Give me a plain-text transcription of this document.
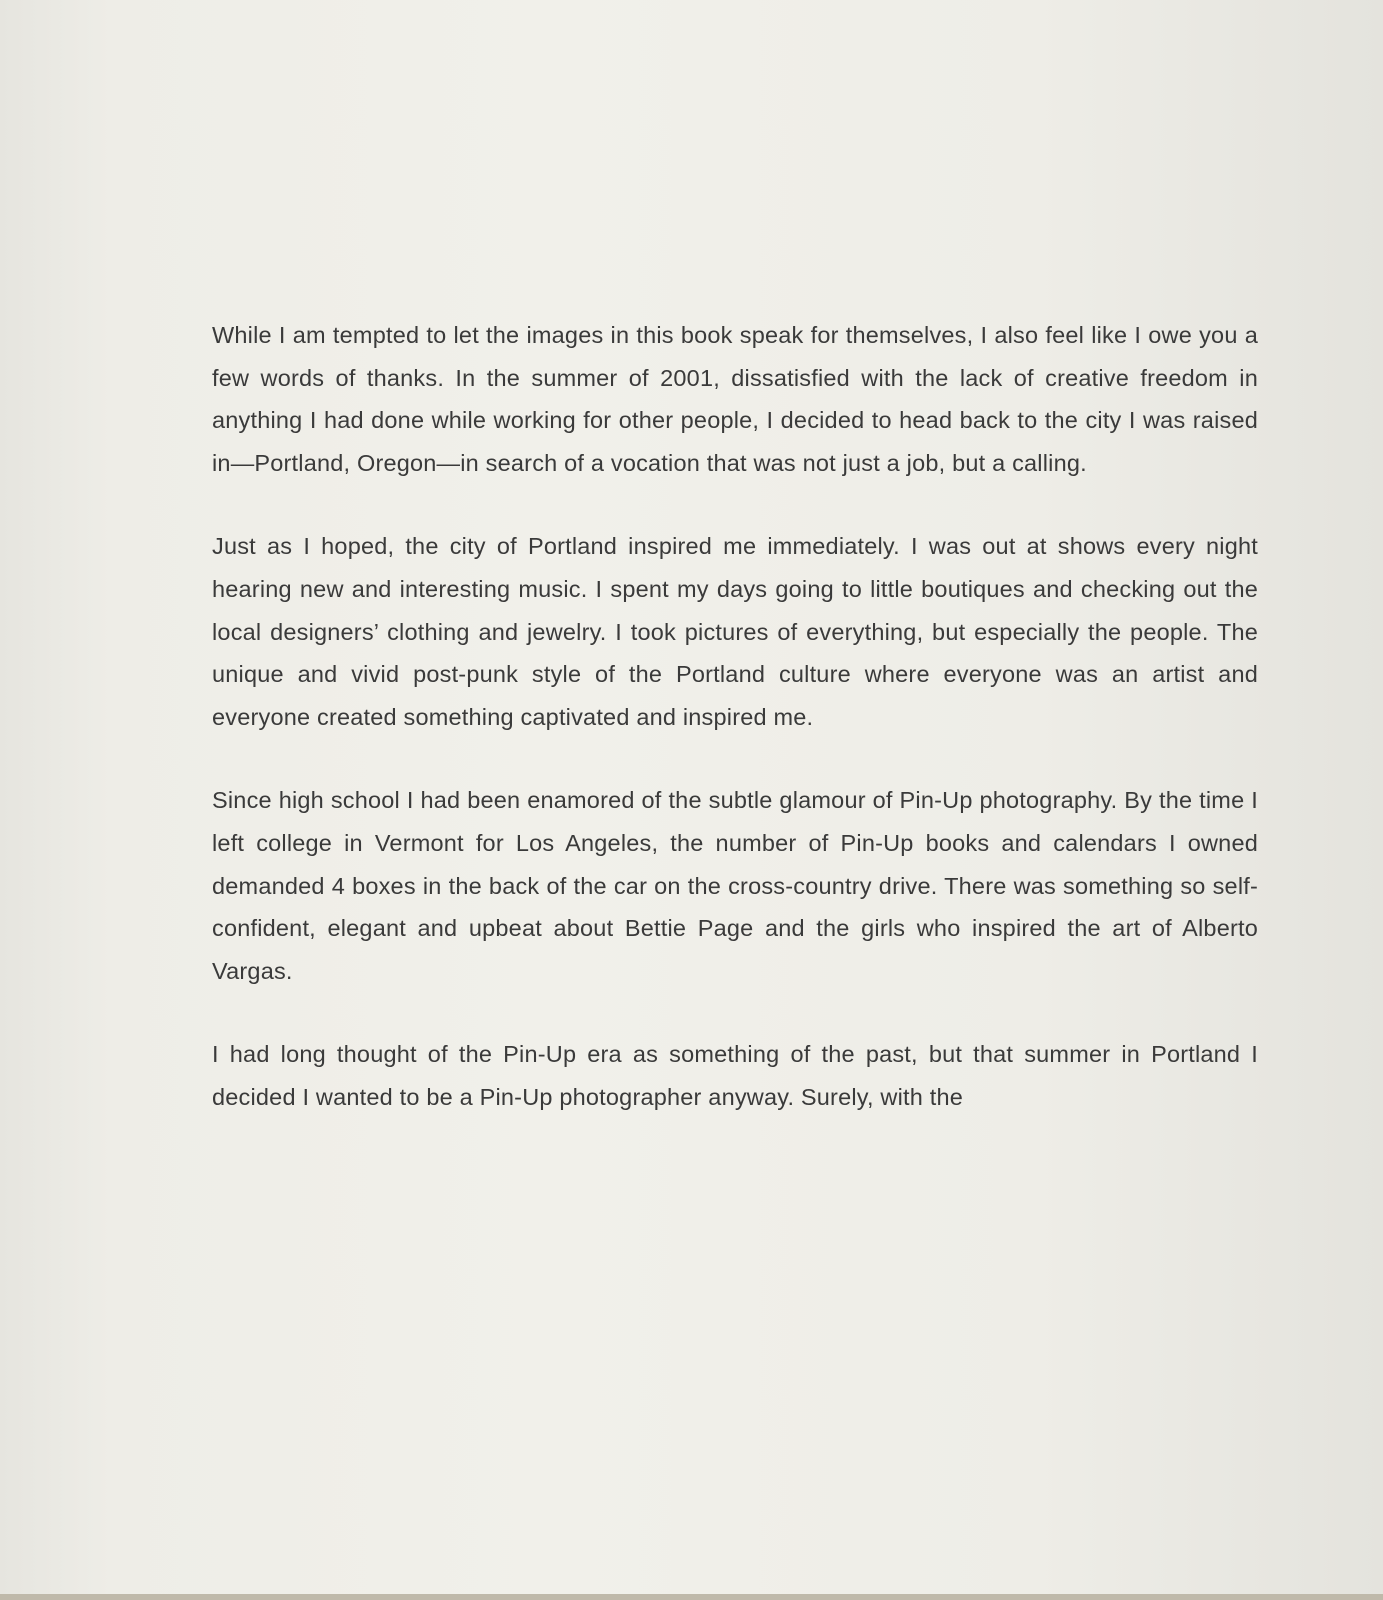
While I am tempted to let the images in this book speak for themselves, I also feel like I owe you a few words of thanks. In the summer of 2001, dissatisfied with the lack of creative freedom in anything I had done while working for other people, I decided to head back to the city I was raised in—Portland, Oregon—in search of a vocation that was not just a job, but a calling.

Just as I hoped, the city of Portland inspired me immediately. I was out at shows every night hearing new and interesting music. I spent my days going to little boutiques and checking out the local designers’ clothing and jewelry. I took pictures of everything, but especially the people. The unique and vivid post-punk style of the Portland culture where everyone was an artist and everyone created something captivated and inspired me.

Since high school I had been enamored of the subtle glamour of Pin-Up photography. By the time I left college in Vermont for Los Angeles, the number of Pin-Up books and calendars I owned demanded 4 boxes in the back of the car on the cross-country drive. There was something so self-confident, elegant and upbeat about Bettie Page and the girls who inspired the art of Alberto Vargas.

I had long thought of the Pin-Up era as something of the past, but that summer in Portland I decided I wanted to be a Pin-Up photographer anyway. Surely, with the
